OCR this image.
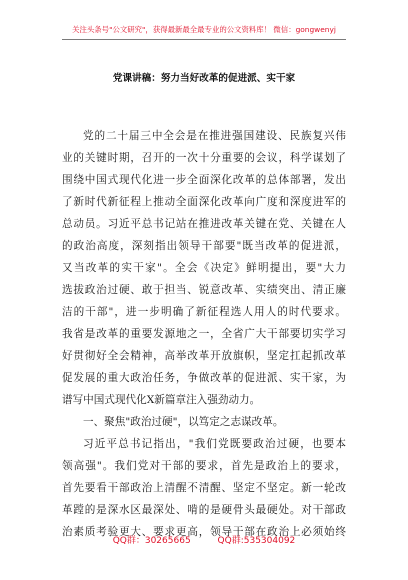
关注头条号"公文研究"，获得最新最全最专业的公文资料库！ 微信：gongwenyj
党课讲稿：努力当好改革的促进派、实干家
党的二十届三中全会是在推进强国建设、民族复兴伟
业的关键时期，召开的一次十分重要的会议，科学谋划了
围绕中国式现代化进一步全面深化改革的总体部署，发出
了新时代新征程上推动全面深化改革向广度和深度进军的
总动员。习近平总书记站在推进改革关键在党、关键在人
的政治高度，深刻指出领导干部要"既当改革的促进派，
又当改革的实干家"。全会《决定》鲜明提出，要"大力
选拔政治过硬、敢于担当、锐意改革、实绩突出、清正廉
洁的干部"，进一步明确了新征程选人用人的时代要求。
我省是改革的重要发源地之一，全省广大干部要切实学习
好贯彻好全会精神，高举改革开放旗帜，坚定扛起抓改革
促发展的重大政治任务，争做改革的促进派、实干家，为
谱写中国式现代化X新篇章注入强劲动力。
一、聚焦"政治过硬"，以笃定之志谋改革。
习近平总书记指出，"我们党既要政治过硬，也要本
领高强"。我们党对干部的要求，首先是政治上的要求，
首先要看干部政治上清醒不清醒、坚定不坚定。新一轮改
革蹚的是深水区最深处、啃的是硬骨头最硬处。对干部政
治素质考验更大、要求更高，领导干部在政治上必须始终
QQ群：30265665	QQ群:535304092
